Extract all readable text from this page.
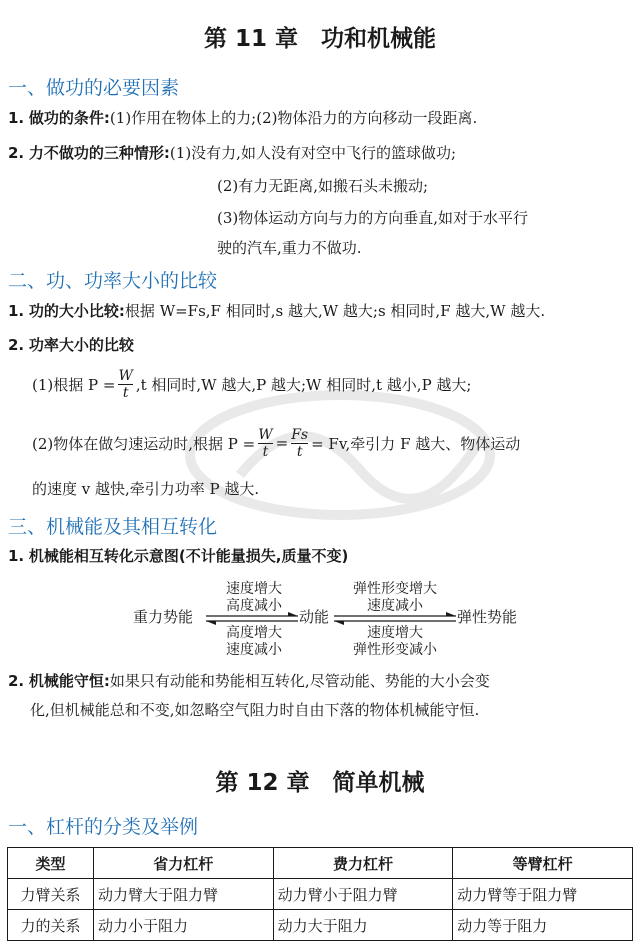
第 11 章　功和机械能
一、做功的必要因素
1. 做功的条件:(1)作用在物体上的力;(2)物体沿力的方向移动一段距离.
2. 力不做功的三种情形:(1)没有力,如人没有对空中飞行的篮球做功;
(2)有力无距离,如搬石头未搬动;
(3)物体运动方向与力的方向垂直,如对于水平行
驶的汽车,重力不做功.
二、功、功率大小的比较
1. 功的大小比较:根据 W=Fs,F 相同时,s 越大,W 越大;s 相同时,F 越大,W 越大.
2. 功率大小的比较
(1)根据 $P = \frac{W}{t} ,t$ 相同时,W 越大,P 越大;W 相同时,t 越小,P 越大;
(2)物体在做匀速运动时,根据 $P = \frac{W}{t} = \frac{Fs}{t} = Fv$,牵引力 F 越大、物体运动
的速度 v 越快,牵引力功率 P 越大.
三、机械能及其相互转化
1. 机械能相互转化示意图(不计能量损失,质量不变)
重力势能	动能	弹性势能
速度增大
高度减小
高度增大
速度减小
弹性形变增大
速度减小
速度增大
弹性形变减小
2. 机械能守恒:如果只有动能和势能相互转化,尽管动能、势能的大小会变
化,但机械能总和不变,如忽略空气阻力时自由下落的物体机械能守恒.
第 12 章　简单机械
一、杠杆的分类及举例
类型	省力杠杆	费力杠杆	等臂杠杆
力臂关系	动力臂大于阻力臂	动力臂小于阻力臂	动力臂等于阻力臂
力的关系	动力小于阻力	动力大于阻力	动力等于阻力
